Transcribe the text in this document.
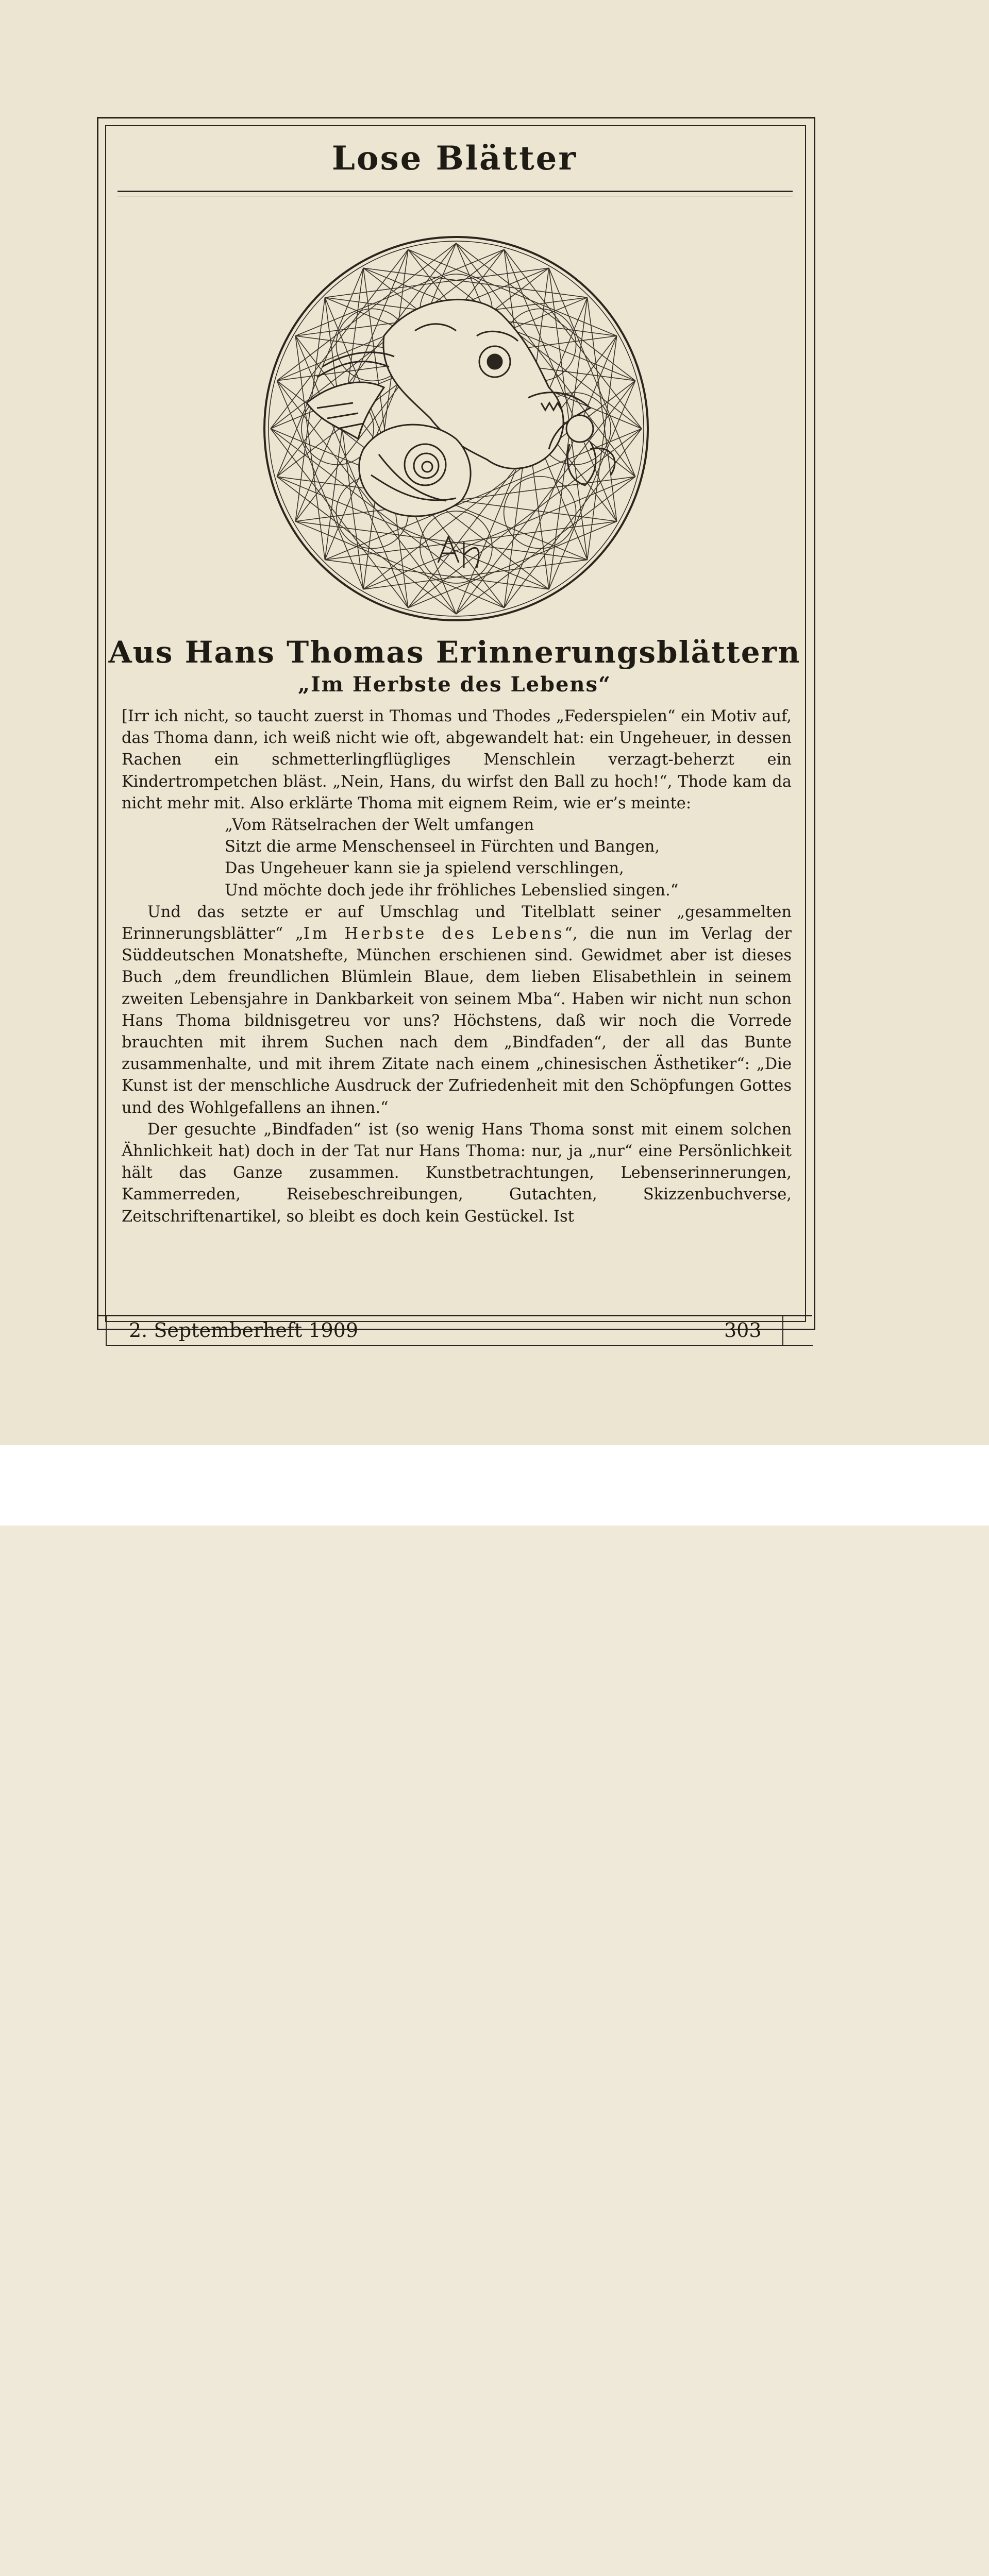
Lose Blätter
Aus Hans Thomas Erinnerungsblättern
„Im Herbste des Lebens“

[Irr ich nicht, so taucht zuerst in Thomas und Thodes „Federspielen“ ein Motiv auf, das Thoma dann, ich weiß nicht wie oft, abgewandelt hat: ein Ungeheuer, in dessen Rachen ein schmetterlingflügliges Menschlein verzagt-beherzt ein Kindertrompetchen bläst. „Nein, Hans, du wirfst den Ball zu hoch!“, Thode kam da nicht mehr mit. Also erklärte Thoma mit eignem Reim, wie er’s meinte:

„Vom Rätselrachen der Welt umfangen
Sitzt die arme Menschenseel in Fürchten und Bangen,
Das Ungeheuer kann sie ja spielend verschlingen,
Und möchte doch jede ihr fröhliches Lebenslied singen.“

Und das setzte er auf Umschlag und Titelblatt seiner „gesammelten Erinnerungsblätter“ „Im Herbste des Lebens“, die nun im Verlag der Süddeutschen Monatshefte, München erschienen sind. Gewidmet aber ist dieses Buch „dem freundlichen Blümlein Blaue, dem lieben Elisabethlein in seinem zweiten Lebensjahre in Dankbarkeit von seinem Mba“. Haben wir nicht nun schon Hans Thoma bildnisgetreu vor uns? Höchstens, daß wir noch die Vorrede brauchten mit ihrem Suchen nach dem „Bindfaden“, der all das Bunte zusammenhalte, und mit ihrem Zitate nach einem „chinesischen Ästhetiker“: „Die Kunst ist der menschliche Ausdruck der Zufriedenheit mit den Schöpfungen Gottes und des Wohlgefallens an ihnen.“

Der gesuchte „Bindfaden“ ist (so wenig Hans Thoma sonst mit einem solchen Ähnlichkeit hat) doch in der Tat nur Hans Thoma: nur, ja „nur“ eine Persönlichkeit hält das Ganze zusammen. Kunstbetrachtungen, Lebenserinnerungen, Kammerreden, Reisebeschreibungen, Gutachten, Skizzenbuchverse, Zeitschriftenartikel, so bleibt es doch kein Gestückel. Ist

2. Septemberheft 1909	303
